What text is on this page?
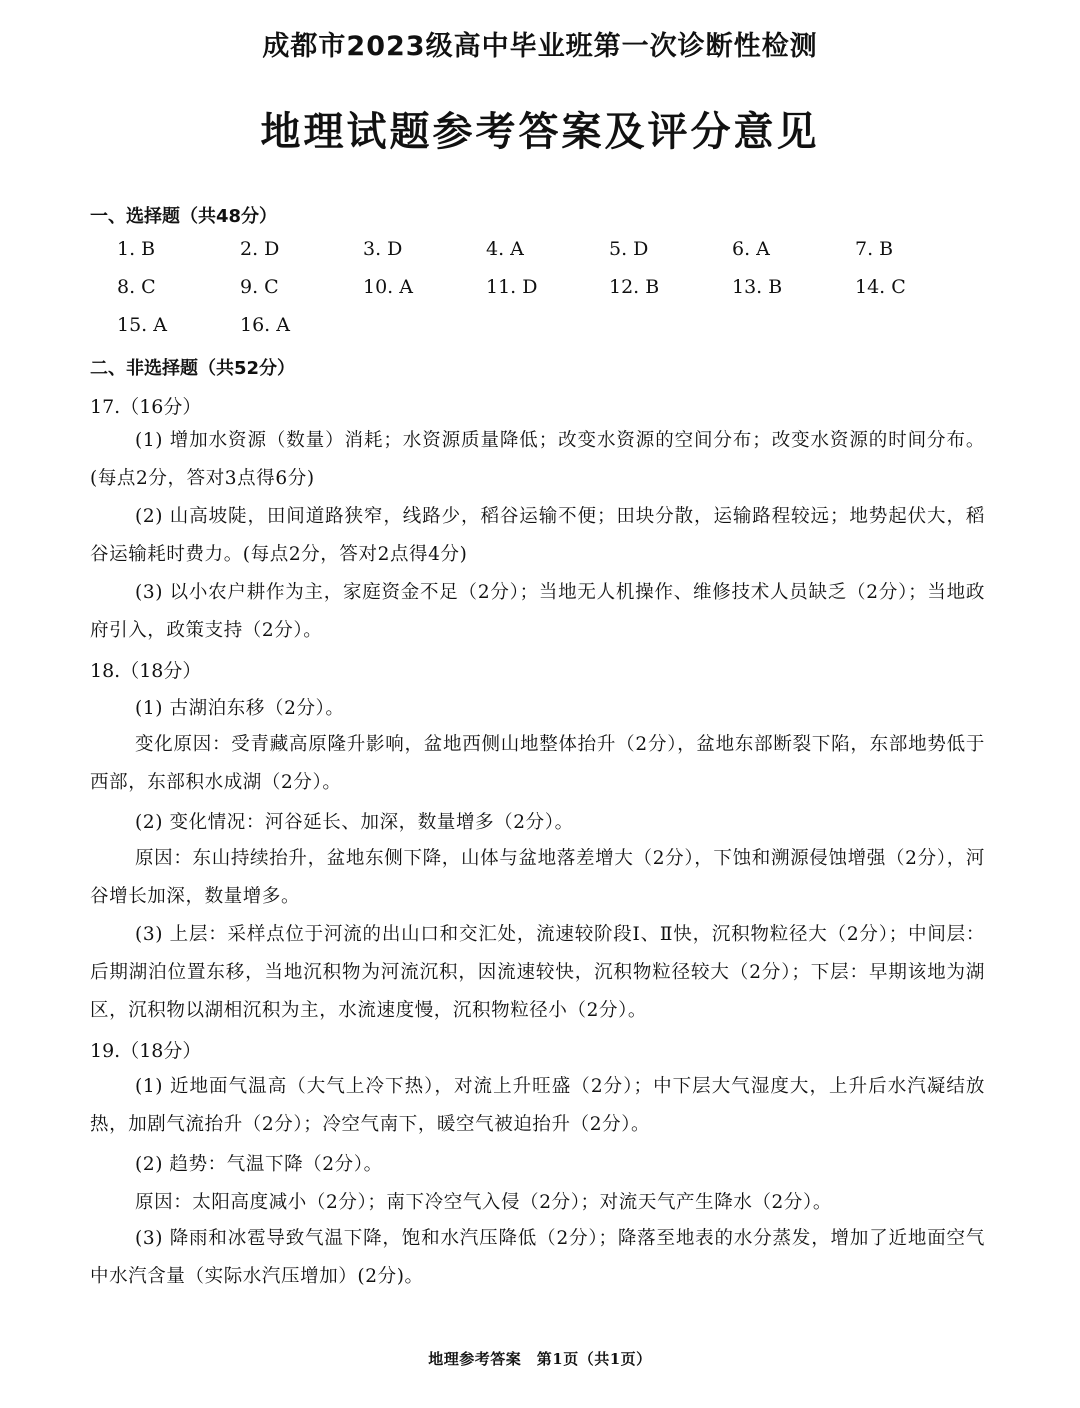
成都市2023级高中毕业班第一次诊断性检测
地理试题参考答案及评分意见
一、选择题（共48分）
1. B	2. D	3. D	4. A	5. D	6. A	7. B
8. C	9. C	10. A	11. D	12. B	13. B	14. C
15. A	16. A
二、非选择题（共52分）
17.（16分）
(1) 增加水资源（数量）消耗；水资源质量降低；改变水资源的空间分布；改变水资源的时间分布。(每点2分，答对3点得6分)
(2) 山高坡陡，田间道路狭窄，线路少，稻谷运输不便；田块分散，运输路程较远；地势起伏大，稻谷运输耗时费力。(每点2分，答对2点得4分)
(3) 以小农户耕作为主，家庭资金不足（2分）；当地无人机操作、维修技术人员缺乏（2分）；当地政府引入，政策支持（2分）。
18.（18分）
(1) 古湖泊东移（2分）。
变化原因：受青藏高原隆升影响，盆地西侧山地整体抬升（2分），盆地东部断裂下陷，东部地势低于西部，东部积水成湖（2分）。
(2) 变化情况：河谷延长、加深，数量增多（2分）。
原因：东山持续抬升，盆地东侧下降，山体与盆地落差增大（2分），下蚀和溯源侵蚀增强（2分），河谷增长加深，数量增多。
(3) 上层：采样点位于河流的出山口和交汇处，流速较阶段Ⅰ、Ⅱ快，沉积物粒径大（2分）；中间层：后期湖泊位置东移，当地沉积物为河流沉积，因流速较快，沉积物粒径较大（2分）；下层：早期该地为湖区，沉积物以湖相沉积为主，水流速度慢，沉积物粒径小（2分）。
19.（18分）
(1) 近地面气温高（大气上冷下热），对流上升旺盛（2分）；中下层大气湿度大，上升后水汽凝结放热，加剧气流抬升（2分）；冷空气南下，暖空气被迫抬升（2分）。
(2) 趋势：气温下降（2分）。
原因：太阳高度减小（2分）；南下冷空气入侵（2分）；对流天气产生降水（2分）。
(3) 降雨和冰雹导致气温下降，饱和水汽压降低（2分）；降落至地表的水分蒸发，增加了近地面空气中水汽含量（实际水汽压增加）(2分)。
地理参考答案　第1页（共1页）
